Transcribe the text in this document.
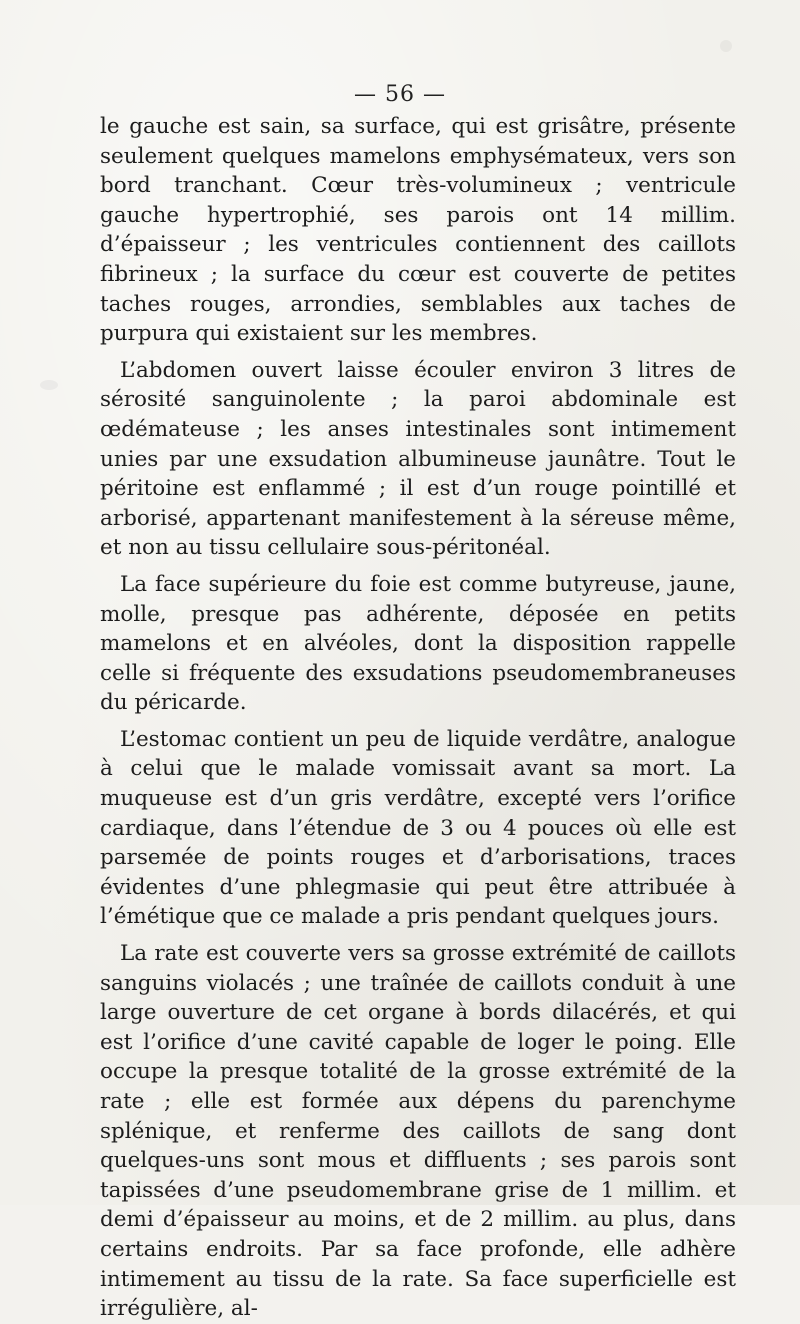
— 56 —

le gauche est sain, sa surface, qui est grisâtre, présente seulement quelques mamelons emphysémateux, vers son bord tranchant. Cœur très-volumineux ; ventricule gauche hypertrophié, ses parois ont 14 millim. d’épaisseur ; les ventricules contiennent des caillots fibrineux ; la surface du cœur est couverte de petites taches rouges, arrondies, semblables aux taches de purpura qui existaient sur les membres.

L’abdomen ouvert laisse écouler environ 3 litres de sérosité sanguinolente ; la paroi abdominale est œdémateuse ; les anses intestinales sont intimement unies par une exsudation albumineuse jaunâtre. Tout le péritoine est enflammé ; il est d’un rouge pointillé et arborisé, appartenant manifestement à la séreuse même, et non au tissu cellulaire sous-péritonéal.

La face supérieure du foie est comme butyreuse, jaune, molle, presque pas adhérente, déposée en petits mamelons et en alvéoles, dont la disposition rappelle celle si fréquente des exsudations pseudomembraneuses du péricarde.

L’estomac contient un peu de liquide verdâtre, analogue à celui que le malade vomissait avant sa mort. La muqueuse est d’un gris verdâtre, excepté vers l’orifice cardiaque, dans l’étendue de 3 ou 4 pouces où elle est parsemée de points rouges et d’arborisations, traces évidentes d’une phlegmasie qui peut être attribuée à l’émétique que ce malade a pris pendant quelques jours.

La rate est couverte vers sa grosse extrémité de caillots sanguins violacés ; une traînée de caillots conduit à une large ouverture de cet organe à bords dilacérés, et qui est l’orifice d’une cavité capable de loger le poing. Elle occupe la presque totalité de la grosse extrémité de la rate ; elle est formée aux dépens du parenchyme splénique, et renferme des caillots de sang dont quelques-uns sont mous et diffluents ; ses parois sont tapissées d’une pseudomembrane grise de 1 millim. et demi d’épaisseur au moins, et de 2 millim. au plus, dans certains endroits. Par sa face profonde, elle adhère intimement au tissu de la rate. Sa face superficielle est irrégulière, al-
